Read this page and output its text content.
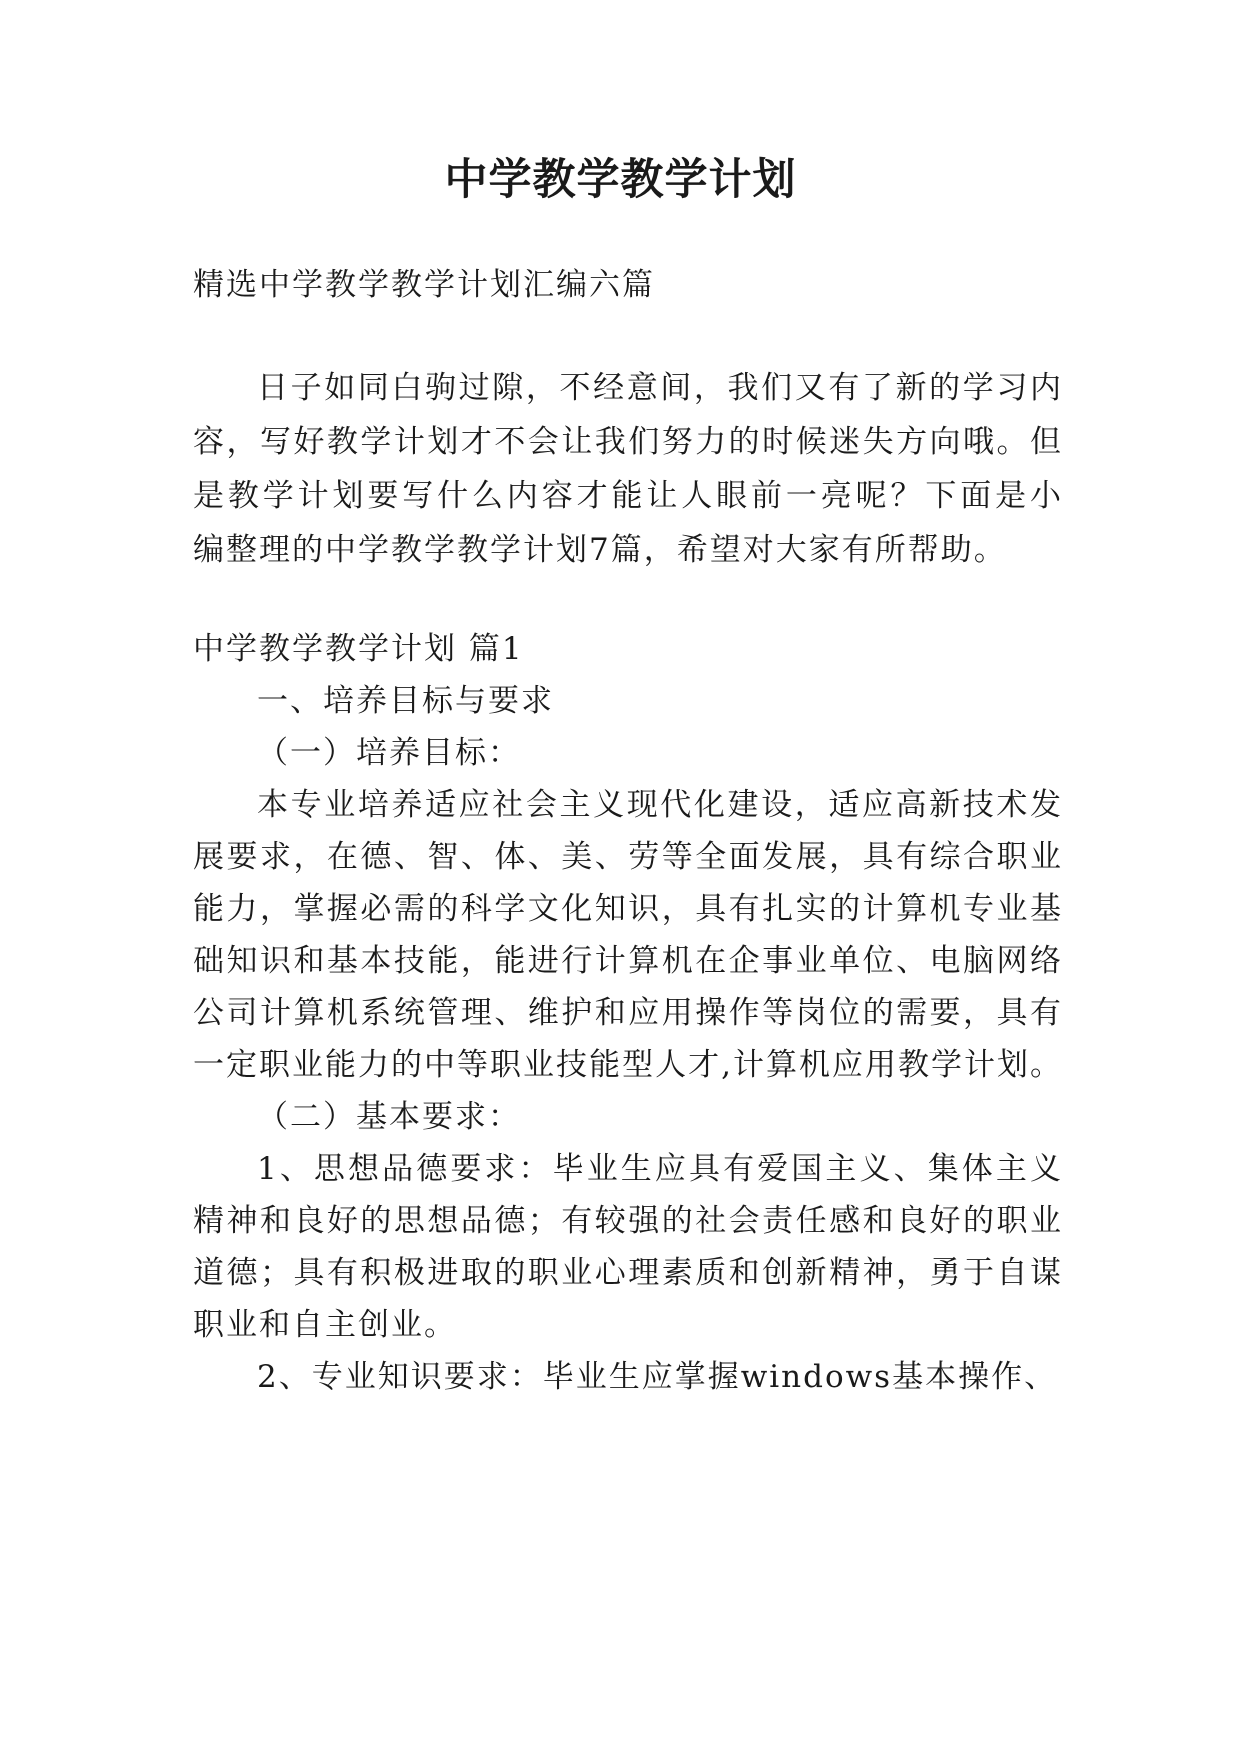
中学教学教学计划

精选中学教学教学计划汇编六篇

日子如同白驹过隙，不经意间，我们又有了新的学习内

容，写好教学计划才不会让我们努力的时候迷失方向哦。但

是教学计划要写什么内容才能让人眼前一亮呢？下面是小

编整理的中学教学教学计划7篇，希望对大家有所帮助。

中学教学教学计划 篇1

一、培养目标与要求

（一）培养目标：

本专业培养适应社会主义现代化建设，适应高新技术发

展要求，在德、智、体、美、劳等全面发展，具有综合职业

能力，掌握必需的科学文化知识，具有扎实的计算机专业基

础知识和基本技能，能进行计算机在企事业单位、电脑网络

公司计算机系统管理、维护和应用操作等岗位的需要，具有

一定职业能力的中等职业技能型人才,计算机应用教学计划。

（二）基本要求：

1、思想品德要求：毕业生应具有爱国主义、集体主义

精神和良好的思想品德；有较强的社会责任感和良好的职业

道德；具有积极进取的职业心理素质和创新精神，勇于自谋

职业和自主创业。

2、专业知识要求：毕业生应掌握windows基本操作、
